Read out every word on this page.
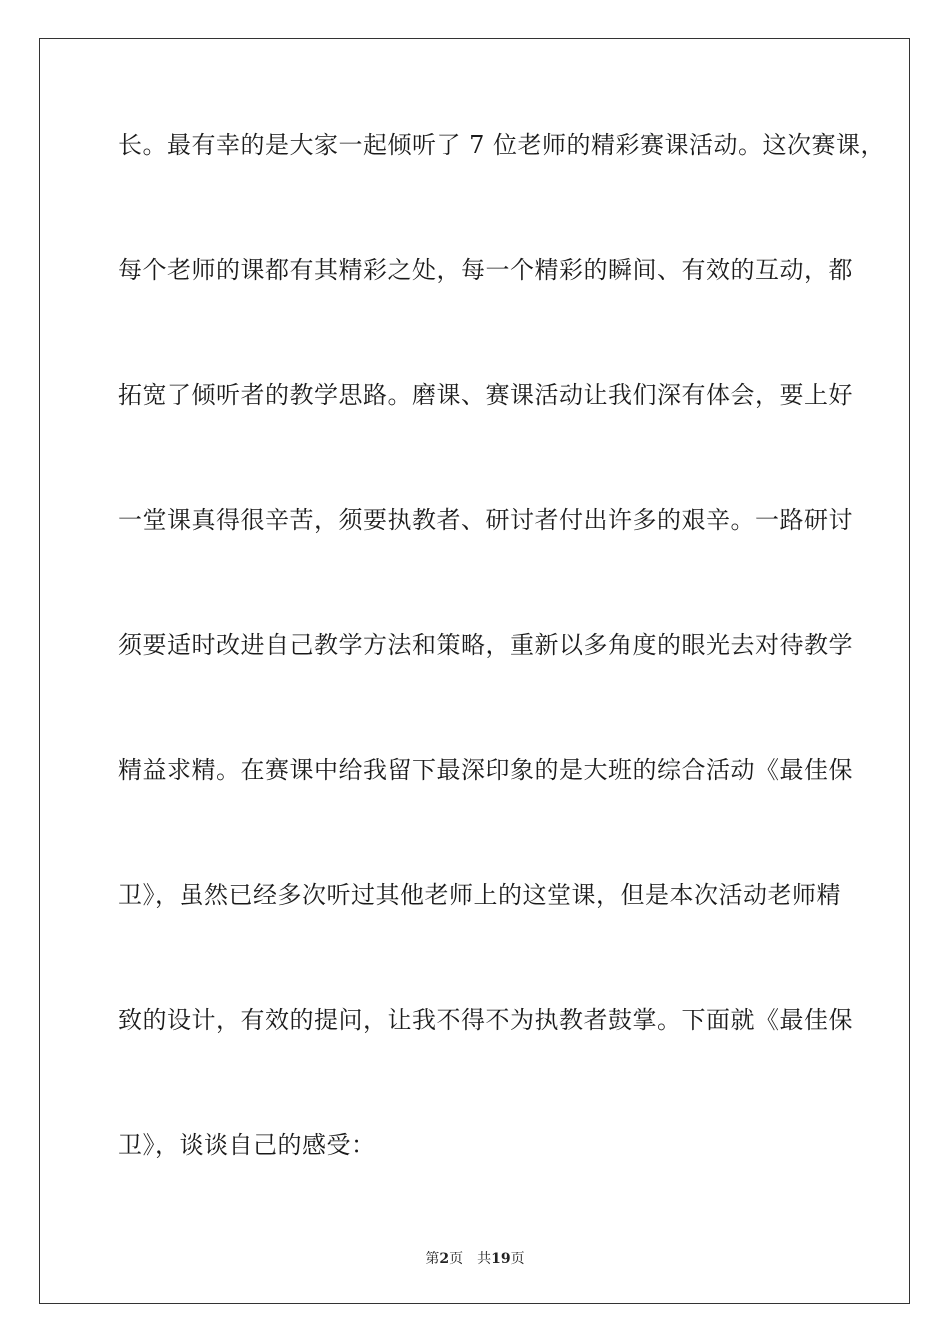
长。最有幸的是大家一起倾听了 7 位老师的精彩赛课活动。这次赛课，
每个老师的课都有其精彩之处，每一个精彩的瞬间、有效的互动，都
拓宽了倾听者的教学思路。磨课、赛课活动让我们深有体会，要上好
一堂课真得很辛苦，须要执教者、研讨者付出许多的艰辛。一路研讨
须要适时改进自己教学方法和策略，重新以多角度的眼光去对待教学
精益求精。在赛课中给我留下最深印象的是大班的综合活动《最佳保
卫》，虽然已经多次听过其他老师上的这堂课，但是本次活动老师精
致的设计，有效的提问，让我不得不为执教者鼓掌。下面就《最佳保
卫》，谈谈自己的感受：
第2页 共19页
